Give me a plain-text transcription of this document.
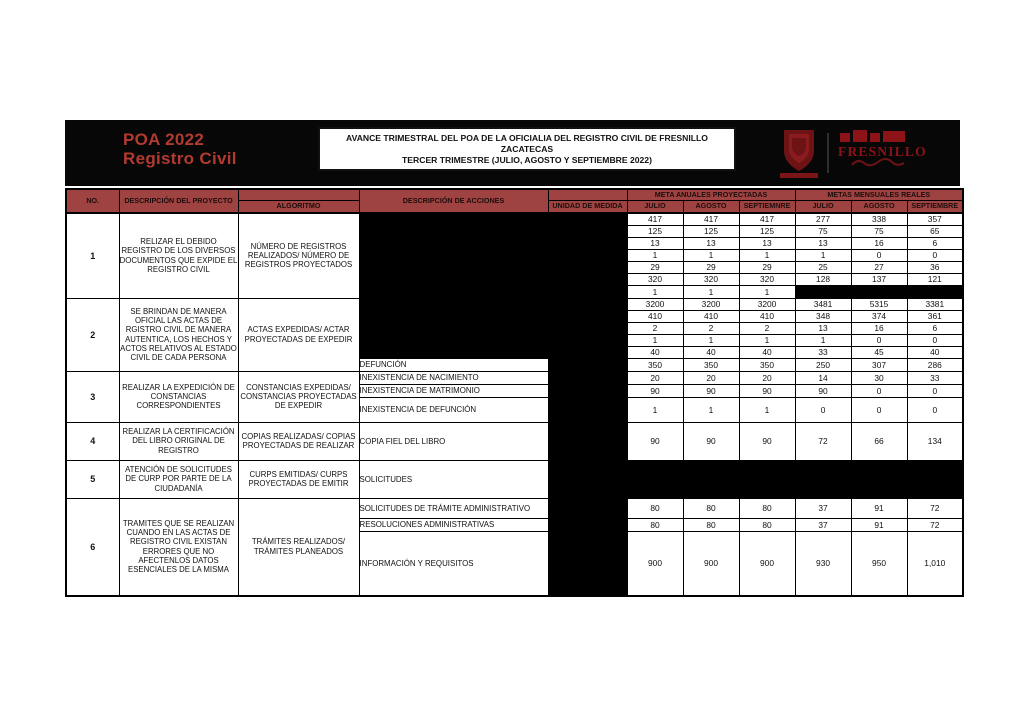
POA 2022
Registro Civil
AVANCE TRIMESTRAL DEL POA DE LA OFICIALIA DEL REGISTRO CIVIL DE FRESNILLO ZACATECAS
TERCER TRIMESTRE (JULIO, AGOSTO Y SEPTIEMBRE 2022)
FRESNILLO
NO.	DESCRIPCIÓN DEL PROYECTO		DESCRIPCIÓN DE ACCIONES		META ANUALES PROYECTADAS			METAS MENSUALES REALES		
		ALGORITMO		UNIDAD DE MEDIDA	JULIO	AGOSTO	SEPTIEMNRE	JULIO	AGOSTO	SEPTIEMBRE
1	RELIZAR EL DEBIDO REGISTRO DE LOS DIVERSOS DOCUMENTOS QUE EXPIDE EL REGISTRO CIVIL	NÚMERO DE REGISTROS REALIZADOS/ NÚMERO DE REGISTROS PROYECTADOS			417	417	417	277	338	357
					125	125	125	75	75	65
					13	13	13	13	16	6
					1	1	1	1	0	0
					29	29	29	25	27	36
					320	320	320	128	137	121
					1	1	1			
2	SE BRINDAN DE MANERA OFICIAL LAS ACTAS DE RGISTRO CIVIL DE MANERA AUTENTICA, LOS HECHOS Y ACTOS RELATIVOS AL ESTADO CIVIL DE CADA PERSONA	ACTAS EXPEDIDAS/ ACTAR PROYECTADAS DE EXPEDIR			3200	3200	3200	3481	5315	3381
					410	410	410	348	374	361
					2	2	2	13	16	6
					1	1	1	1	0	0
					40	40	40	33	45	40
			DEFUNCIÓN		350	350	350	250	307	286
3	REALIZAR LA EXPEDICIÓN DE CONSTANCIAS CORRESPONDIENTES	CONSTANCIAS EXPEDIDAS/ CONSTANCIAS PROYECTADAS DE EXPEDIR	INEXISTENCIA DE NACIMIENTO		20	20	20	14	30	33
			INEXISTENCIA DE MATRIMONIO		90	90	90	90	0	0
			INEXISTENCIA DE DEFUNCIÓN		1	1	1	0	0	0
4	REALIZAR LA CERTIFICACIÓN DEL LIBRO ORIGINAL DE REGISTRO	COPIAS REALIZADAS/ COPIAS PROYECTADAS DE REALIZAR	COPIA FIEL DEL LIBRO		90	90	90	72	66	134
5	ATENCIÓN DE SOLICITUDES DE CURP POR PARTE DE LA CIUDADANÍA	CURPS EMITIDAS/ CURPS PROYECTADAS DE EMITIR	SOLICITUDES							
6	TRAMITES QUE SE REALIZAN CUANDO EN LAS ACTAS DE REGISTRO CIVIL EXISTAN ERRORES QUE NO AFECTENLOS DATOS ESENCIALES DE LA MISMA	TRÁMITES REALIZADOS/ TRÁMITES PLANEADOS	SOLICITUDES DE TRÁMITE ADMINISTRATIVO		80	80	80	37	91	72
			RESOLUCIONES ADMINISTRATIVAS		80	80	80	37	91	72
			INFORMACIÓN Y REQUISITOS		900	900	900	930	950	1,010
